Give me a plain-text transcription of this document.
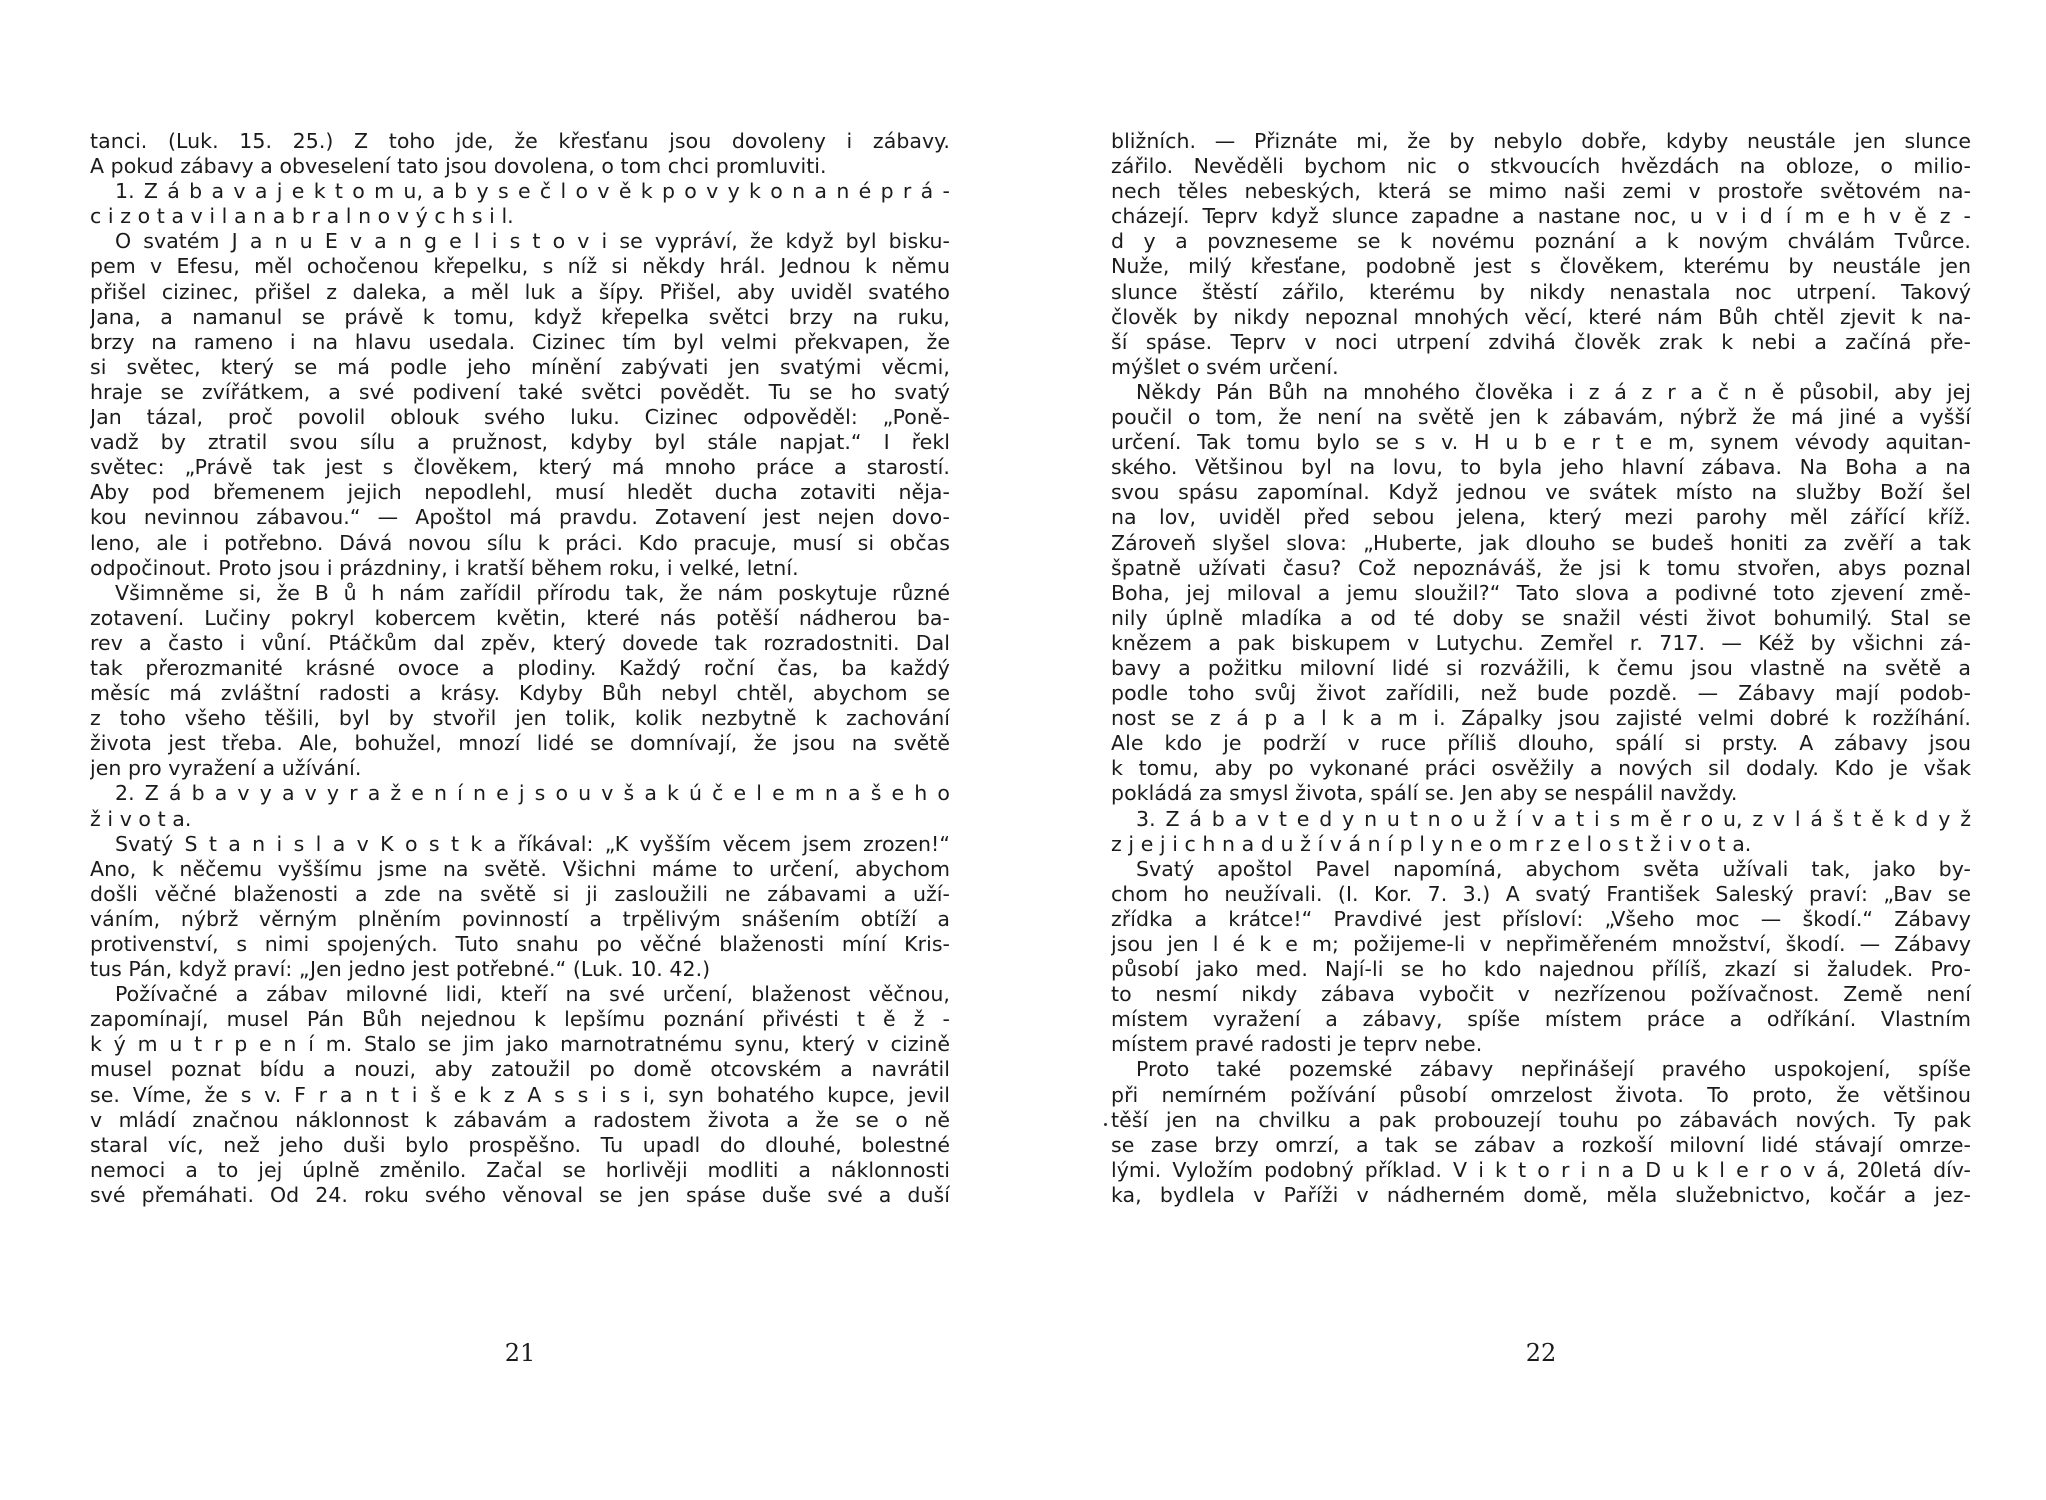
tanci. (Luk. 15. 25.) Z toho jde, že křesťanu jsou dovoleny i zábavy.
A pokud zábavy a obveselení tato jsou dovolena, o tom chci promluviti.
1. Z á b a v a j e k t o m u, a b y s e č l o v ě k p o v y k o n a n é p r á -
c i z o t a v i l a n a b r a l n o v ý c h s i l.
O svatém J a n u E v a n g e l i s t o v i se vypráví, že když byl bisku-
pem v Efesu, měl ochočenou křepelku, s níž si někdy hrál. Jednou k němu
přišel cizinec, přišel z daleka, a měl luk a šípy. Přišel, aby uviděl svatého
Jana, a namanul se právě k tomu, když křepelka světci brzy na ruku,
brzy na rameno i na hlavu usedala. Cizinec tím byl velmi překvapen, že
si světec, který se má podle jeho mínění zabývati jen svatými věcmi,
hraje se zvířátkem, a své podivení také světci povědět. Tu se ho svatý
Jan tázal, proč povolil oblouk svého luku. Cizinec odpověděl: „Poně-
vadž by ztratil svou sílu a pružnost, kdyby byl stále napjat.“ I řekl
světec: „Právě tak jest s člověkem, který má mnoho práce a starostí.
Aby pod břemenem jejich nepodlehl, musí hledět ducha zotaviti něja-
kou nevinnou zábavou.“ — Apoštol má pravdu. Zotavení jest nejen dovo-
leno, ale i potřebno. Dává novou sílu k práci. Kdo pracuje, musí si občas
odpočinout. Proto jsou i prázdniny, i kratší během roku, i velké, letní.
Všimněme si, že B ů h nám zařídil přírodu tak, že nám poskytuje různé
zotavení. Lučiny pokryl kobercem květin, které nás potěší nádherou ba-
rev a často i vůní. Ptáčkům dal zpěv, který dovede tak rozradostniti. Dal
tak přerozmanité krásné ovoce a plodiny. Každý roční čas, ba každý
měsíc má zvláštní radosti a krásy. Kdyby Bůh nebyl chtěl, abychom se
z toho všeho těšili, byl by stvořil jen tolik, kolik nezbytně k zachování
života jest třeba. Ale, bohužel, mnozí lidé se domnívají, že jsou na světě
jen pro vyražení a užívání.
2. Z á b a v y a v y r a ž e n í n e j s o u v š a k ú č e l e m n a š e h o
ž i v o t a.
Svatý S t a n i s l a v K o s t k a říkával: „K vyšším věcem jsem zrozen!“
Ano, k něčemu vyššímu jsme na světě. Všichni máme to určení, abychom
došli věčné blaženosti a zde na světě si ji zasloužili ne zábavami a uží-
váním, nýbrž věrným plněním povinností a trpělivým snášením obtíží a
protivenství, s nimi spojených. Tuto snahu po věčné blaženosti míní Kris-
tus Pán, když praví: „Jen jedno jest potřebné.“ (Luk. 10. 42.)
Požívačné a zábav milovné lidi, kteří na své určení, blaženost věčnou,
zapomínají, musel Pán Bůh nejednou k lepšímu poznání přivésti t ě ž -
k ý m u t r p e n í m. Stalo se jim jako marnotratnému synu, který v cizině
musel poznat bídu a nouzi, aby zatoužil po domě otcovském a navrátil
se. Víme, že s v. F r a n t i š e k z A s s i s i, syn bohatého kupce, jevil
v mládí značnou náklonnost k zábavám a radostem života a že se o ně
staral víc, než jeho duši bylo prospěšno. Tu upadl do dlouhé, bolestné
nemoci a to jej úplně změnilo. Začal se horlivěji modliti a náklonnosti
své přemáhati. Od 24. roku svého věnoval se jen spáse duše své a duší
bližních. — Přiznáte mi, že by nebylo dobře, kdyby neustále jen slunce
zářilo. Nevěděli bychom nic o stkvoucích hvězdách na obloze, o milio-
nech těles nebeských, která se mimo naši zemi v prostoře světovém na-
cházejí. Teprv když slunce zapadne a nastane noc, u v i d í m e h v ě z -
d y a povzneseme se k novému poznání a k novým chválám Tvůrce.
Nuže, milý křesťane, podobně jest s člověkem, kterému by neustále jen
slunce štěstí zářilo, kterému by nikdy nenastala noc utrpení. Takový
člověk by nikdy nepoznal mnohých věcí, které nám Bůh chtěl zjevit k na-
ší spáse. Teprv v noci utrpení zdvihá člověk zrak k nebi a začíná pře-
mýšlet o svém určení.
Někdy Pán Bůh na mnohého člověka i z á z r a č n ě působil, aby jej
poučil o tom, že není na světě jen k zábavám, nýbrž že má jiné a vyšší
určení. Tak tomu bylo se s v. H u b e r t e m, synem vévody aquitan-
ského. Většinou byl na lovu, to byla jeho hlavní zábava. Na Boha a na
svou spásu zapomínal. Když jednou ve svátek místo na služby Boží šel
na lov, uviděl před sebou jelena, který mezi parohy měl zářící kříž.
Zároveň slyšel slova: „Huberte, jak dlouho se budeš honiti za zvěří a tak
špatně užívati času? Což nepoznáváš, že jsi k tomu stvořen, abys poznal
Boha, jej miloval a jemu sloužil?“ Tato slova a podivné toto zjevení změ-
nily úplně mladíka a od té doby se snažil vésti život bohumilý. Stal se
knězem a pak biskupem v Lutychu. Zemřel r. 717. — Kéž by všichni zá-
bavy a požitku milovní lidé si rozvážili, k čemu jsou vlastně na světě a
podle toho svůj život zařídili, než bude pozdě. — Zábavy mají podob-
nost se z á p a l k a m i. Zápalky jsou zajisté velmi dobré k rozžíhání.
Ale kdo je podrží v ruce příliš dlouho, spálí si prsty. A zábavy jsou
k tomu, aby po vykonané práci osvěžily a nových sil dodaly. Kdo je však
pokládá za smysl života, spálí se. Jen aby se nespálil navždy.
3. Z á b a v t e d y n u t n o u ž í v a t i s m ě r o u, z v l á š t ě k d y ž
z j e j i c h n a d u ž í v á n í p l y n e o m r z e l o s t ž i v o t a.
Svatý apoštol Pavel napomíná, abychom světa užívali tak, jako by-
chom ho neužívali. (I. Kor. 7. 3.) A svatý František Saleský praví: „Bav se
zřídka a krátce!“ Pravdivé jest přísloví: „Všeho moc — škodí.“ Zábavy
jsou jen l é k e m; požijeme-li v nepřiměřeném množství, škodí. — Zábavy
působí jako med. Nají-li se ho kdo najednou přílíš, zkazí si žaludek. Pro-
to nesmí nikdy zábava vybočit v nezřízenou požívačnost. Země není
místem vyražení a zábavy, spíše místem práce a odříkání. Vlastním
místem pravé radosti je teprv nebe.
Proto také pozemské zábavy nepřinášejí pravého uspokojení, spíše
při nemírném požívání působí omrzelost života. To proto, že většinou
těší jen na chvilku a pak probouzejí touhu po zábavách nových. Ty pak
se zase brzy omrzí, a tak se zábav a rozkoší milovní lidé stávají omrze-
lými. Vyložím podobný příklad. V i k t o r i n a D u k l e r o v á, 20letá dív-
ka, bydlela v Paříži v nádherném domě, měla služebnictvo, kočár a jez-
21	22
